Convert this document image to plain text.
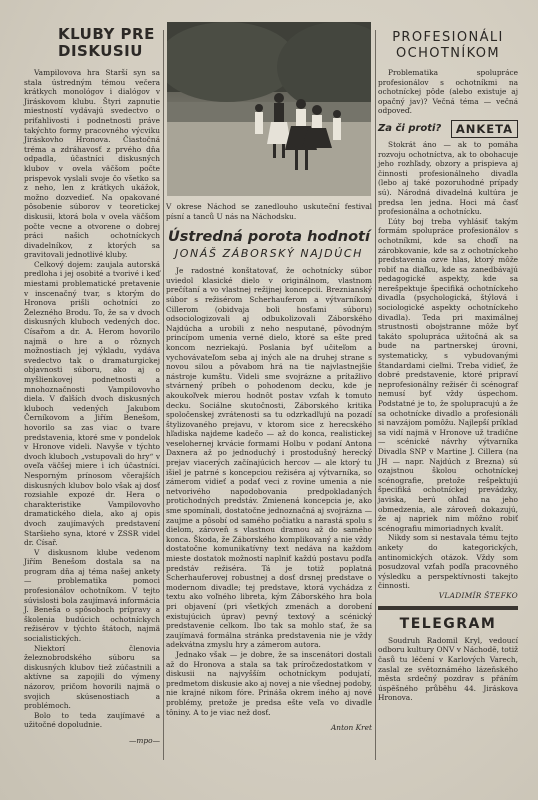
KLUBY PRE DISKUSIU

Vampilovova hra Starší syn sa stala ústredným témou večera krátkych monológov i dialógov v Jiráskovom klubu. Štyri zapnutie miestností vydávajú svedectvo o priťahlivosti i podnetnosti práve takýchto formy pracovného výcviku Jiráskovho Hronova. Čiastočná tréma a zdráhavosť z prvého dňa odpadla, účastníci diskusných klubov v ovela väčšom počte prispevok vyslali svoje čo všetko sa z neho, len z krátkych ukážok, možno dozvedieť. Na opakované pôsobenie súborov v teoretickej diskusii, ktorá bola v ovela väčšom počte vecne a otvorene o dobrej práci našich ochotníckych divadelníkov, z ktorých sa gravitovali jednotlivé kluby.

Celkový dojem: zaujala autorská predloha i jej osobité a tvorivé i keď miestami problematické pretavenie v inscenačný tvar, s ktorým do Hronova prišli ochotníci zo Železného Brodu. To, že sa v dvoch diskusných kluboch vedených doc. Císařom a dr. A. Herom hovorilo najmä o hre a o rôznych možnostiach jej výkladu, vydáva svedectvo tak o dramaturgickej objavnosti súboru, ako aj o myšlienkovej podnetnosti a mnohoznačnosti Vampilovovho diela. V ďalších dvoch diskusných kluboch vedených Jakubom Černíkovom a Jiřím Benešom, hovorilo sa zas viac o tvare predstavenia, ktoré sme v pondelok v Hronove videli. Navyše v týchto dvoch kluboch „vstupovali do hry“ v oveľa väčšej miere i ich účastníci. Nesporným prínosom včerajších diskusných klubov bolo však aj dosť rozsiahle expozé dr. Hera o charakteristike Vampilovovho dramatického diela, ako aj opis dvoch zaujímavých predstavení Staršieho syna, ktoré v ZSSR videl dr. Císař.

V diskusnom klube vedenom Jiřím Benešom dostala sa na program dňa aj téma našej ankety — problematika pomoci profesionálov ochotníkom. V tejto súvislosti bola zaujímavá informácia J. Beneša o spôsoboch prípravy a školenia budúcich ochotníckych režisérov v týchto štátoch, najmä socialistických.

Niektorí členovia železnobrodského súboru sa diskusných klubov tiež zúčastnili a aktívne sa zapojili do výmeny názorov, pričom hovorili najmä o svojich skúsenostiach a problémoch.

Bolo to teda zaujímavé a užitočné dopoludnie.

—mpo—
V okrese Náchod se zanedlouho uskuteční festival písní a tanců U nás na Náchodsku.
Ústredná porota hodnotí
JONÁŠ ZÁBORSKÝ NAJDÚCH

Je radostné konštatovať, že ochotnícky súbor uviedol klasické dielo v originálnom, vlastnom prečítaní a vo vlastnej režijnej koncepcii. Breznianský súbor s režisérom Scherhauferom a výtvarníkom Cillerom (obidvaja boli hosťami súboru) odsociologizovali aj odbukolizovali Záborského Najdúcha a urobili z neho nesputané, pôvodným princípom umenia verné dielo, ktoré sa ešte pred koncom nezriekajú. Poslania byť učiteľom a vychovávateľom seba aj iných ale na druhej strane s novou silou a pôvabom hrá na tie najvlastnejšie nástroje kumštu. Videli sme svojrázne a prítažlivo stvárnený príbeh o pohodenom decku, kde je akoukoľvek mierou hodnôt postav vzťah k tomuto decku. Sociálne skutočnosti, Záborského kritika spoločenskej zvrátenosti sa tu odzrkadľujú na pozadí štylizovaného prejavu, v ktorom sice z herecského hľadiska najdeme kadečo — až do konca, realistickej veselohernej krvácie formami Holbu v podaní Antona Daxnera až po jednoduchý i prostodušný herecký prejav viacerých začínajúcich hercov — ale ktorý tu išiel je patrné s koncepciou režiséra aj výtvarníka, so zámerom vidieť a podať veci z rovine umenia a nie netvorivého napodobovania predpokladaných protichodných predstáv. Zmienená koncepcia je, ako sme spomínali, dostatočne jednoznačná aj svojrázna — zaujme a pôsobí od samého počiatku a narastá spolu s dielom, zároveň s vlastnou dramou až do samého konca. Škoda, že Záborského komplikovaný a nie vždy dostatočne komunikatívny text nedáva na každom mieste dostatok možností naplniť každú postavu podľa predstáv režiséra. Tá je totiž poplatná Scherhauferovej robustnej a dosť drsnej predstave o modernom divadle; tej predstave, ktorá vychádza z textu ako voľného libreta, kým Záborského hra bola pri objavení (pri všetkých zmenách a dorobení existujúcich úprav) pevný textový a scénický predstavenie celkom. Ibo tak sa mohlo stať, že sa zaujímavá formálna stránka predstavenia nie je vždy adekvátna zmyslu hry a zámerom autora.

Jednako však — je dobre, že sa inscenátori dostali až do Hronova a stala sa tak príročzedostatkom v diskusii na najvyšším ochotníckym podujatí, predmetom diskusie ako aj novej a nie všednej podoby, nie krajné nikom fóre. Prináša okrem iného aj nové problémy, pretože je predsa ešte veľa vo divadle tôniny. A to je viac než dosť.

Anton Kret
PROFESIONÁLI OCHOTNÍKOM

Problematika spolupráce profesionálov s ochotníkmi na ochotníckej pôde (alebo existuje aj opačný jav)? Večná téma — večná odpoveď.

Za či proti?	ANKETA

Stokrát áno — ak to pomáha rozvoju ochotníctva, ak to obohacuje jeho rozhľady, obzory a prispieva aj činnosti profesionálneho divadla (lebo aj také pozoruhodné prípady sú). Národná divadelná kultúra je predsa len jedna. Hoci má časť profesionálna a ochotnícku.

Ľúty boj treba vyhlásiť takým formám spolupráce profesionálov s ochotníkmi, kde sa choďí na zárobkovanie, kde sa z ochotníckeho predstavenia ozve hlas, ktorý môže robiť na diaľku, kde sa zanedbávajú pedagogické aspekty, kde sa nerešpektuje špecifiká ochotníckeho divadla (psychologická, štýlová i sociologické aspekty ochotníckeho divadla). Teda pri maximálnej strustnosti obojstranne môže byť takáto spolupráca užitočná ak sa bude na partnerskej úrovni, systematicky, s vybudovanými štandardami cieľmi. Treba vidieť, že dobré predstavenie, ktoré pripraví neprofesionálny režisér či scénograf nemusí byť vždy úspechom. Podstatné je to, že spolupracujú a že sa ochotnícke divadlo a profesionáli si navzájom pomôžu. Najlepší príklad sa vidí najmä v Hronove už tradične — scénické návrhy výtvarníka Divadla SNP v Martine J. Cillera (na JH — napr. Najdúch z Brezna) sú ozajstnou školou ochotníckej scénografie, pretože rešpektujú špecifiká ochotníckej prevádzky, javiska, berú ohľad na jeho obmedzenia, ale zároveň dokazujú, že aj napriek nim môžno robiť scénografiu mimoriadnych kvalít.

Nikdy som si nestavala tému tejto ankety do kategorických, antinomických otázok. Vždy som posudzoval vzťah podľa pracovného výsledku a perspektívnosti takejto činnosti.

VLADIMÍR ŠTEFKO
TELEGRAM

Soudruh Radomil Kryl, vedoucí odboru kultury ONV v Náchodě, totiž časů tu léčení v Karlových Varech, zaslal ze světoznámého lázeňského města srdečný pozdrav s přáním úspěšného průběhu 44. Jiráskova Hronova.
